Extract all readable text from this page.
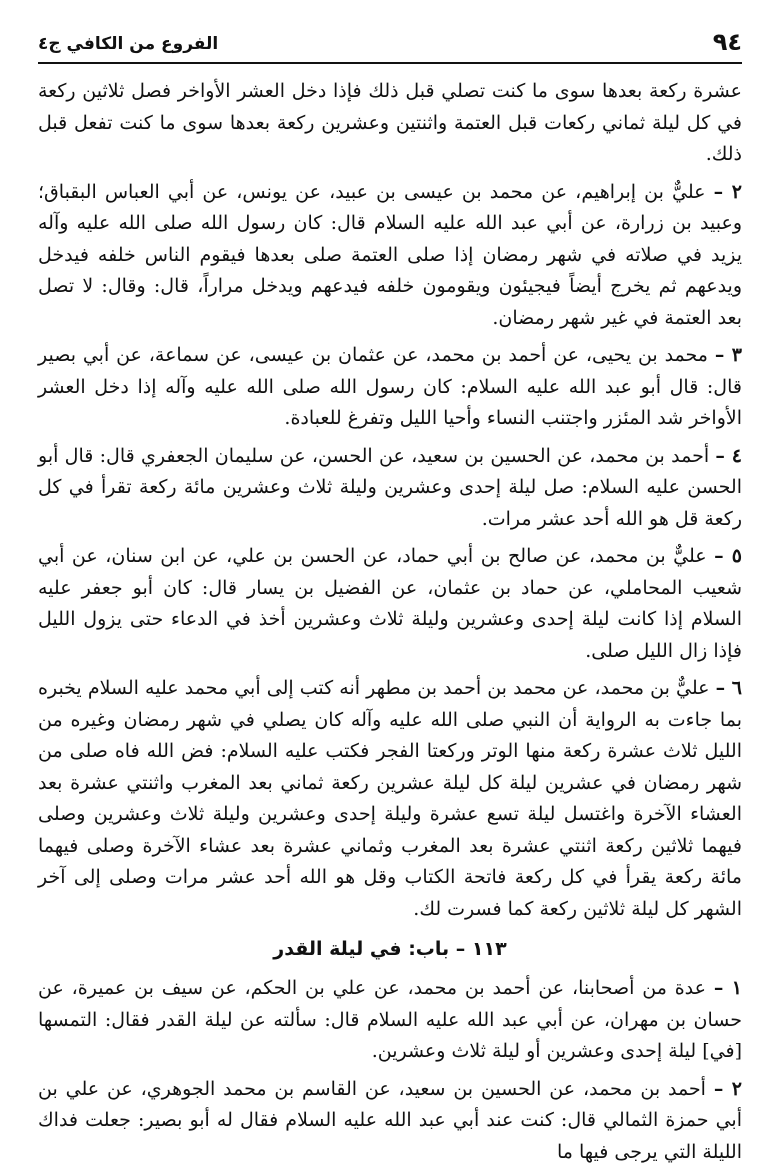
٩٤
الفروع من الكافي ج٤

عشرة ركعة بعدها سوى ما كنت تصلي قبل ذلك فإذا دخل العشر الأواخر فصل ثلاثين ركعة في كل ليلة ثماني ركعات قبل العتمة واثنتين وعشرين ركعة بعدها سوى ما كنت تفعل قبل ذلك.

٢ – عليٌّ بن إبراهيم، عن محمد بن عيسى بن عبيد، عن يونس، عن أبي العباس البقباق؛ وعبيد بن زرارة، عن أبي عبد الله عليه السلام قال: كان رسول الله صلى الله عليه وآله يزيد في صلاته في شهر رمضان إذا صلى العتمة صلى بعدها فيقوم الناس خلفه فيدخل ويدعهم ثم يخرج أيضاً فيجيئون ويقومون خلفه فيدعهم ويدخل مراراً، قال: وقال: لا تصل بعد العتمة في غير شهر رمضان.

٣ – محمد بن يحيى، عن أحمد بن محمد، عن عثمان بن عيسى، عن سماعة، عن أبي بصير قال: قال أبو عبد الله عليه السلام: كان رسول الله صلى الله عليه وآله إذا دخل العشر الأواخر شد المئزر واجتنب النساء وأحيا الليل وتفرغ للعبادة.

٤ – أحمد بن محمد، عن الحسين بن سعيد، عن الحسن، عن سليمان الجعفري قال: قال أبو الحسن عليه السلام: صل ليلة إحدى وعشرين وليلة ثلاث وعشرين مائة ركعة تقرأ في كل ركعة قل هو الله أحد عشر مرات.

٥ – عليٌّ بن محمد، عن صالح بن أبي حماد، عن الحسن بن علي، عن ابن سنان، عن أبي شعيب المحاملي، عن حماد بن عثمان، عن الفضيل بن يسار قال: كان أبو جعفر عليه السلام إذا كانت ليلة إحدى وعشرين وليلة ثلاث وعشرين أخذ في الدعاء حتى يزول الليل فإذا زال الليل صلى.

٦ – عليٌّ بن محمد، عن محمد بن أحمد بن مطهر أنه كتب إلى أبي محمد عليه السلام يخبره بما جاءت به الرواية أن النبي صلى الله عليه وآله كان يصلي في شهر رمضان وغيره من الليل ثلاث عشرة ركعة منها الوتر وركعتا الفجر فكتب عليه السلام: فض الله فاه صلى من شهر رمضان في عشرين ليلة كل ليلة عشرين ركعة ثماني بعد المغرب واثنتي عشرة بعد العشاء الآخرة واغتسل ليلة تسع عشرة وليلة إحدى وعشرين وليلة ثلاث وعشرين وصلى فيهما ثلاثين ركعة اثنتي عشرة بعد المغرب وثماني عشرة بعد عشاء الآخرة وصلى فيهما مائة ركعة يقرأ في كل ركعة فاتحة الكتاب وقل هو الله أحد عشر مرات وصلى إلى آخر الشهر كل ليلة ثلاثين ركعة كما فسرت لك.

١١٣ – باب: في ليلة القدر

١ – عدة من أصحابنا، عن أحمد بن محمد، عن علي بن الحكم، عن سيف بن عميرة، عن حسان بن مهران، عن أبي عبد الله عليه السلام قال: سألته عن ليلة القدر فقال: التمسها [في] ليلة إحدى وعشرين أو ليلة ثلاث وعشرين.

٢ – أحمد بن محمد، عن الحسين بن سعيد، عن القاسم بن محمد الجوهري، عن علي بن أبي حمزة الثمالي قال: كنت عند أبي عبد الله عليه السلام فقال له أبو بصير: جعلت فداك الليلة التي يرجى فيها ما
